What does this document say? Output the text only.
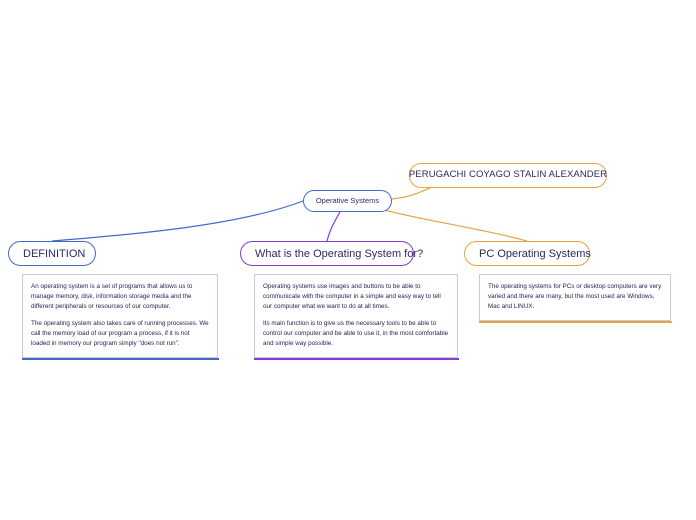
Operative Systems
PERUGACHI COYAGO STALIN ALEXANDER
DEFINITION

An operating system is a set of programs that allows us to manage memory, disk, information storage media and the different peripherals or resources of our computer.

The operating system also takes care of running processes. We call the memory load of our program a process, if it is not loaded in memory our program simply "does not run".

What is the Operating System for?

Operating systems use images and buttons to be able to communicate with the computer in a simple and easy way to tell our computer what we want to do at all times.

Its main function is to give us the necessary tools to be able to control our computer and be able to use it, in the most comfortable and simple way possible.

PC Operating Systems

The operating systems for PCs or desktop computers are very varied and there are many, but the most used are Windows, Mac and LINUX.
